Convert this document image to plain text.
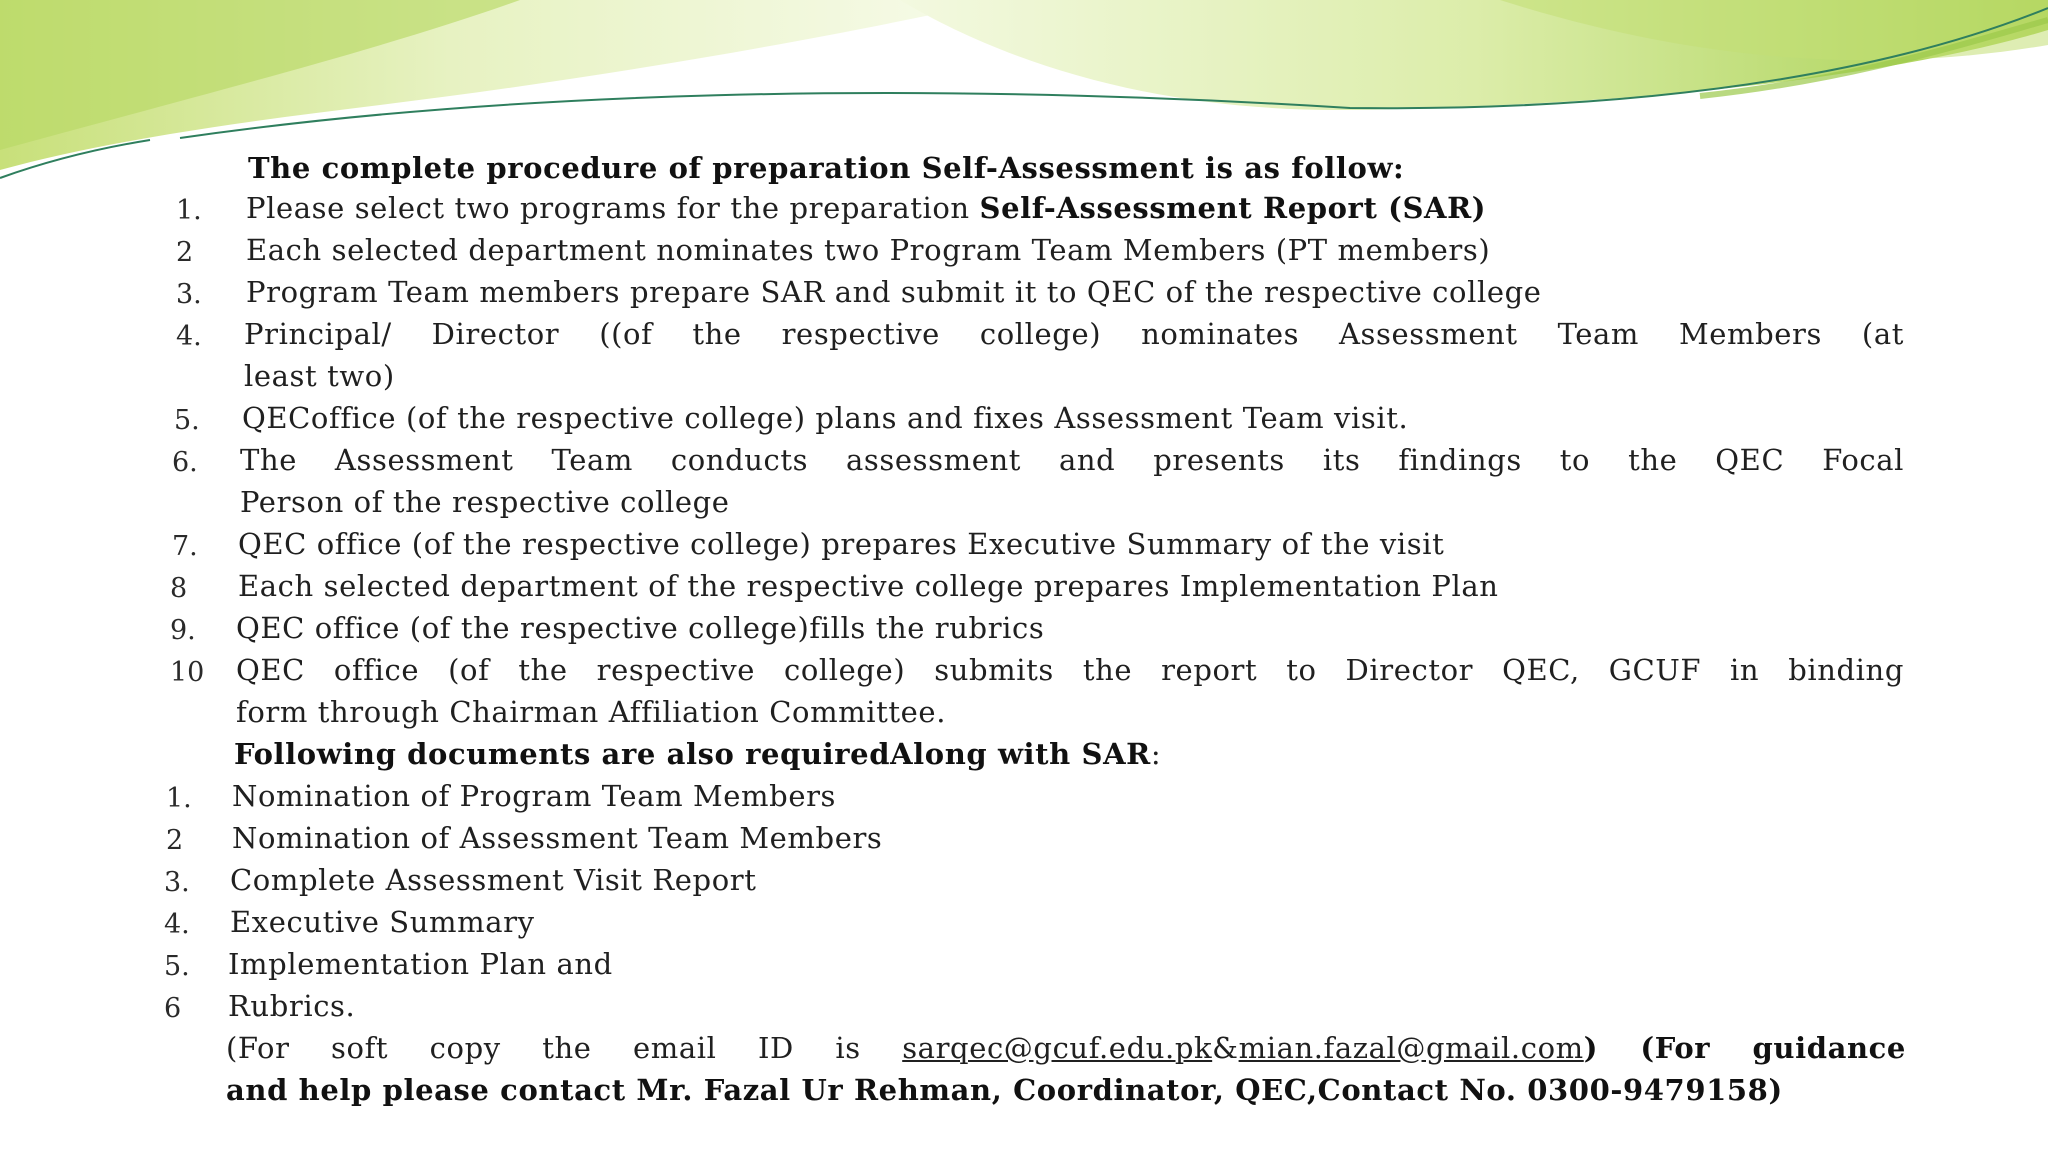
The complete procedure of preparation Self-Assessment is as follow:
1. Please select two programs for the preparation Self-Assessment Report (SAR)
2 Each selected department nominates two Program Team Members (PT members)
3. Program Team members prepare SAR and submit it to QEC of the respective college
4. Principal/ Director ((of the respective college) nominates Assessment Team Members (at
least two)
5. QECoffice (of the respective college) plans and fixes Assessment Team visit.
6. The Assessment Team conducts assessment and presents its findings to the QEC Focal
Person of the respective college
7. QEC office (of the respective college) prepares Executive Summary of the visit
8 Each selected department of the respective college prepares Implementation Plan
9. QEC office (of the respective college)fills the rubrics
10 QEC office (of the respective college) submits the report to Director QEC, GCUF in binding
form through Chairman Affiliation Committee.
Following documents are also requiredAlong with SAR:
1. Nomination of Program Team Members
2 Nomination of Assessment Team Members
3. Complete Assessment Visit Report
4. Executive Summary
5. Implementation Plan and
6 Rubrics.
(For soft copy the email ID is sarqec@gcuf.edu.pk&mian.fazal@gmail.com) (For guidance
and help please contact Mr. Fazal Ur Rehman, Coordinator, QEC,Contact No. 0300-9479158)
